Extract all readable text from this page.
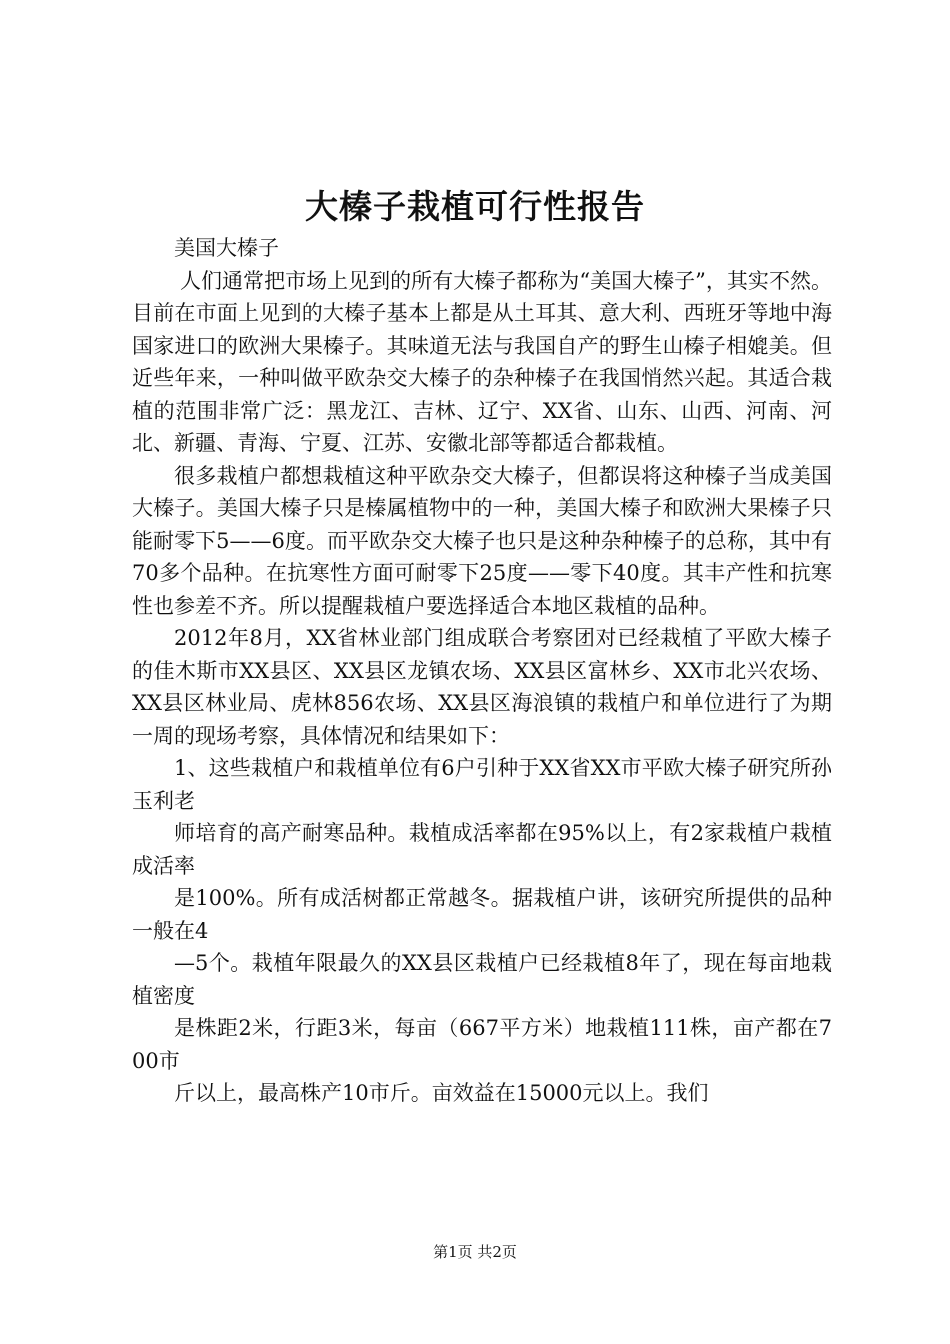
大榛子栽植可行性报告

美国大榛子

人们通常把市场上见到的所有大榛子都称为“美国大榛子”，其实不然。目前在市面上见到的大榛子基本上都是从土耳其、意大利、西班牙等地中海国家进口的欧洲大果榛子。其味道无法与我国自产的野生山榛子相媲美。但近些年来，一种叫做平欧杂交大榛子的杂种榛子在我国悄然兴起。其适合栽植的范围非常广泛：黑龙江、吉林、辽宁、XX省、山东、山西、河南、河北、新疆、青海、宁夏、江苏、安徽北部等都适合都栽植。

很多栽植户都想栽植这种平欧杂交大榛子，但都误将这种榛子当成美国大榛子。美国大榛子只是榛属植物中的一种，美国大榛子和欧洲大果榛子只能耐零下5——6度。而平欧杂交大榛子也只是这种杂种榛子的总称，其中有70多个品种。在抗寒性方面可耐零下25度——零下40度。其丰产性和抗寒性也参差不齐。所以提醒栽植户要选择适合本地区栽植的品种。

2012年8月，XX省林业部门组成联合考察团对已经栽植了平欧大榛子的佳木斯市XX县区、XX县区龙镇农场、XX县区富林乡、XX市北兴农场、XX县区林业局、虎林856农场、XX县区海浪镇的栽植户和单位进行了为期一周的现场考察，具体情况和结果如下：

1、这些栽植户和栽植单位有6户引种于XX省XX市平欧大榛子研究所孙玉利老

师培育的高产耐寒品种。栽植成活率都在95%以上，有2家栽植户栽植成活率

是100%。所有成活树都正常越冬。据栽植户讲，该研究所提供的品种一般在4

—5个。栽植年限最久的XX县区栽植户已经栽植8年了，现在每亩地栽植密度

是株距2米，行距3米，每亩（667平方米）地栽植111株，亩产都在700市

斤以上，最高株产10市斤。亩效益在15000元以上。我们

第1页 共2页
